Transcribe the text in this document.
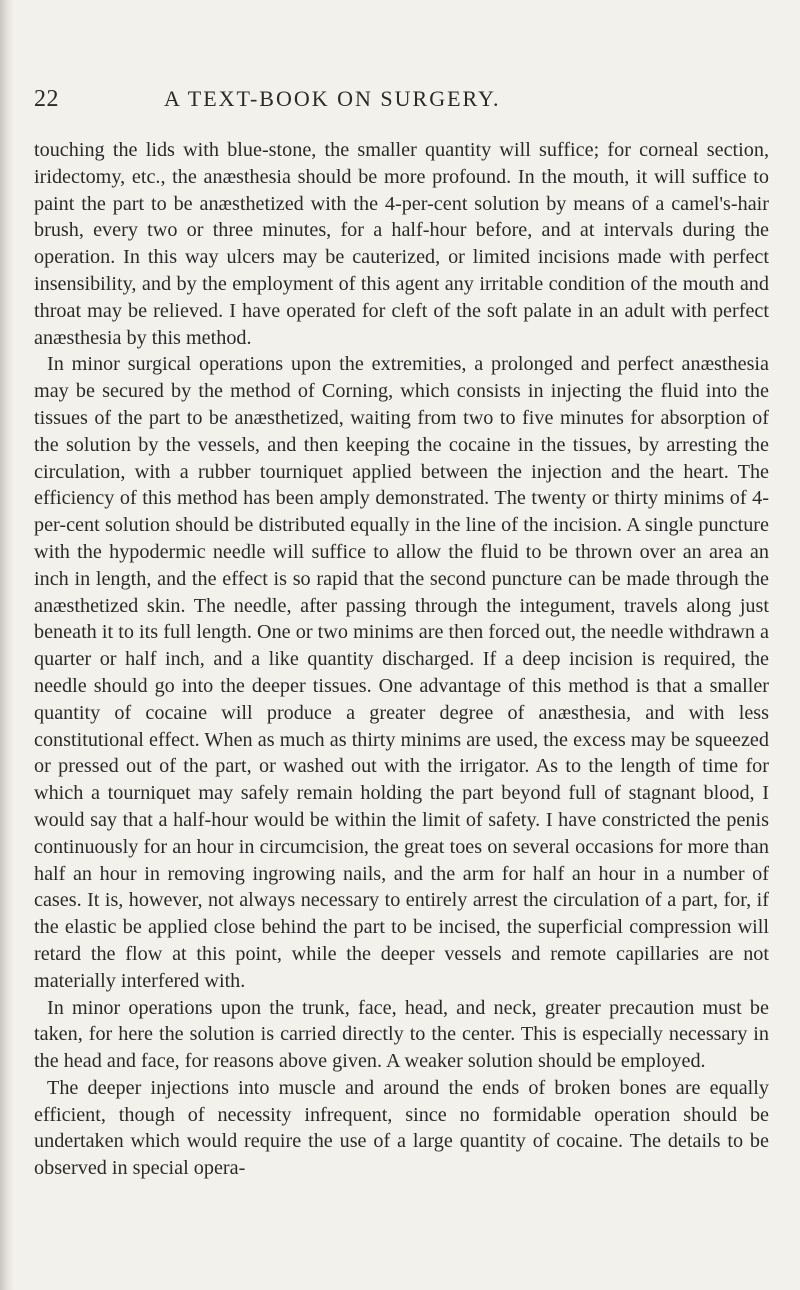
22	A TEXT-BOOK ON SURGERY.

touching the lids with blue-stone, the smaller quantity will suffice; for corneal section, iridectomy, etc., the anæsthesia should be more profound. In the mouth, it will suffice to paint the part to be anæsthetized with the 4-per-cent solution by means of a camel's-hair brush, every two or three minutes, for a half-hour before, and at intervals during the operation. In this way ulcers may be cauterized, or limited incisions made with perfect insensibility, and by the employment of this agent any irritable condition of the mouth and throat may be relieved. I have operated for cleft of the soft palate in an adult with perfect anæsthesia by this method.

In minor surgical operations upon the extremities, a prolonged and perfect anæsthesia may be secured by the method of Corning, which consists in injecting the fluid into the tissues of the part to be anæsthetized, waiting from two to five minutes for absorption of the solution by the vessels, and then keeping the cocaine in the tissues, by arresting the circulation, with a rubber tourniquet applied between the injection and the heart. The efficiency of this method has been amply demonstrated. The twenty or thirty minims of 4-per-cent solution should be distributed equally in the line of the incision. A single puncture with the hypodermic needle will suffice to allow the fluid to be thrown over an area an inch in length, and the effect is so rapid that the second puncture can be made through the anæsthetized skin. The needle, after passing through the integument, travels along just beneath it to its full length. One or two minims are then forced out, the needle withdrawn a quarter or half inch, and a like quantity discharged. If a deep incision is required, the needle should go into the deeper tissues. One advantage of this method is that a smaller quantity of cocaine will produce a greater degree of anæsthesia, and with less constitutional effect. When as much as thirty minims are used, the excess may be squeezed or pressed out of the part, or washed out with the irrigator. As to the length of time for which a tourniquet may safely remain holding the part beyond full of stagnant blood, I would say that a half-hour would be within the limit of safety. I have constricted the penis continuously for an hour in circumcision, the great toes on several occasions for more than half an hour in removing ingrowing nails, and the arm for half an hour in a number of cases. It is, however, not always necessary to entirely arrest the circulation of a part, for, if the elastic be applied close behind the part to be incised, the superficial compression will retard the flow at this point, while the deeper vessels and remote capillaries are not materially interfered with.

In minor operations upon the trunk, face, head, and neck, greater precaution must be taken, for here the solution is carried directly to the center. This is especially necessary in the head and face, for reasons above given. A weaker solution should be employed.

The deeper injections into muscle and around the ends of broken bones are equally efficient, though of necessity infrequent, since no formidable operation should be undertaken which would require the use of a large quantity of cocaine. The details to be observed in special opera-
